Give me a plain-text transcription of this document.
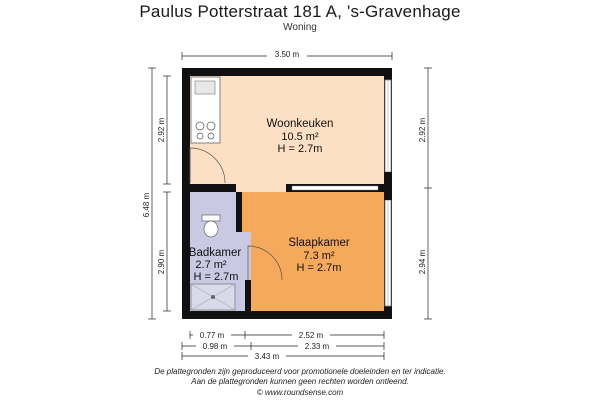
Paulus Potterstraat 181 A, 's-Gravenhage
Woning
Woonkeuken
10.5 m²
H = 2.7m
Slaapkamer
7.3 m²
H = 2.7m
Badkamer
2.7 m²
H = 2.7m
3.50 m
2.92 m
2.90 m
6.48 m
2.92 m
2.94 m
0.77 m	2.52 m
0.98 m	2.33 m
3.43 m
De plattegronden zijn geproduceerd voor promotionele doeleinden en ter indicatie.
Aan de plattegronden kunnen geen rechten worden ontleend.
© www.roundsense.com
